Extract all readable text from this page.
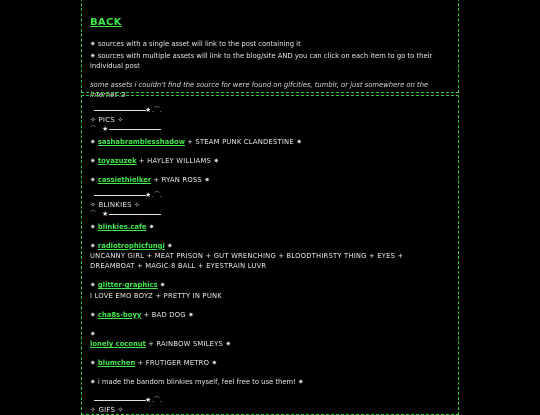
BACK
✷ sources with a single asset will link to the post containing it
✷ sources with multiple assets will link to the blog/site AND you can click on each item to go to their individual post
some assets i couldn't find the source for were found on gifcities, tumblr, or just somewhere on the internet :3
★ .⌒.
✧ PICS ✧
⌒ ★
✷ sashabramblesshadow + STEAM PUNK CLANDESTINE ✷
✷ toyazuzek + HAYLEY WILLIAMS ✷
✷ cassiethielker + RYAN ROSS ✷
★ .⌒.
✧ BLINKIES ✧
⌒ ★
✷ blinkies.cafe ✷
✷ radiotrophicfungi ✷
UNCANNY GIRL + MEAT PRISON + GUT WRENCHING + BLOODTHIRSTY THING + EYES + DREAMBOAT + MAGIC 8 BALL + EYESTRAIN LUVR
✷ glitter-graphics ✷
I LOVE EMO BOYZ + PRETTY IN PUNK
✷ cha8s-boyy + BAD DOG ✷
✷
lonely coconut + RAINBOW SMILEYS ✷
✷ blumchen + FRUTIGER METRO ✷
✷ i made the bandom blinkies myself, feel free to use them! ✷
★ .⌒.
✧ GIFS ✧
